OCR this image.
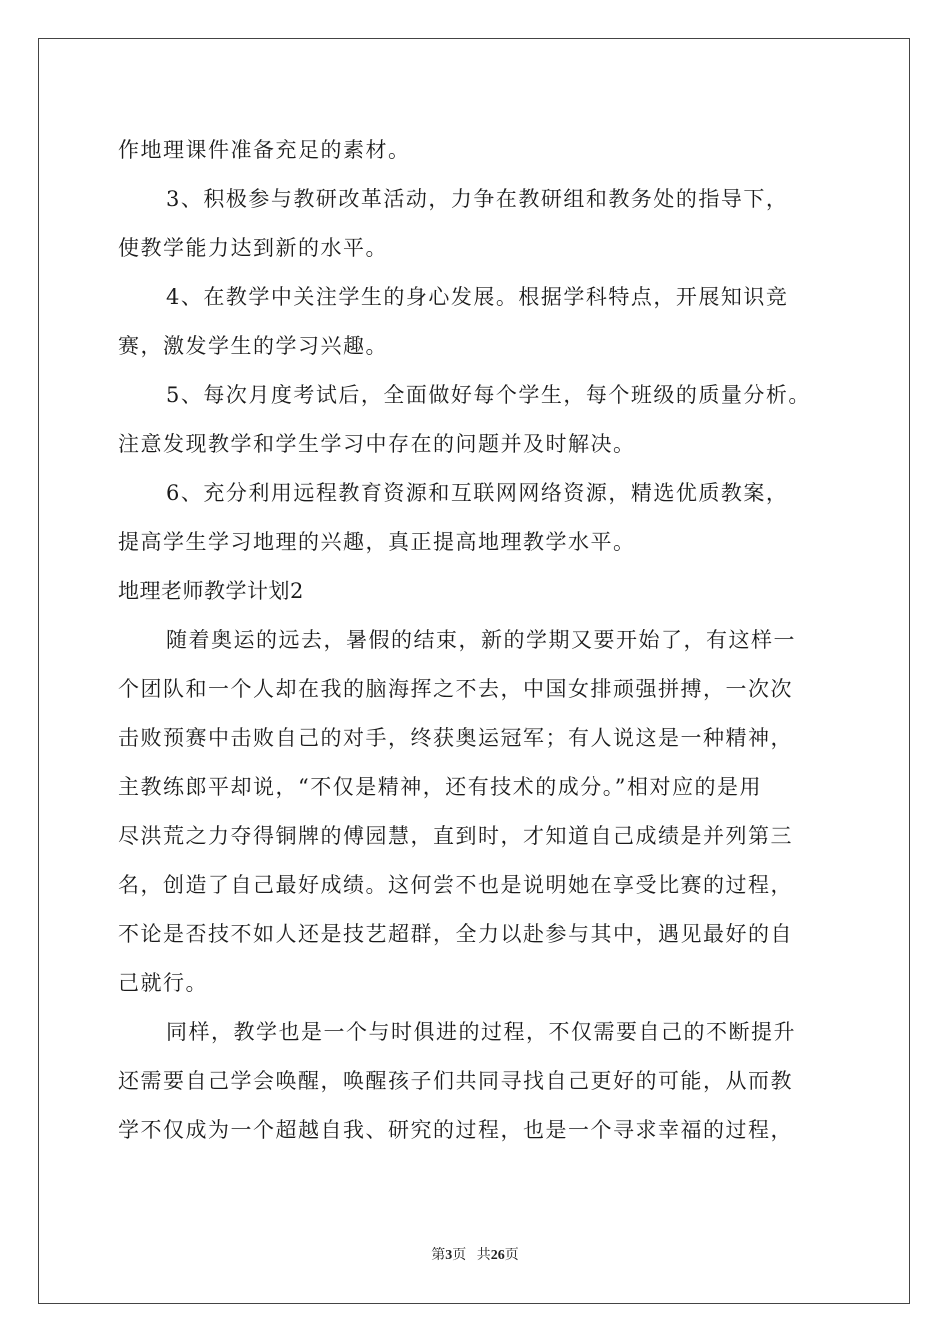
作地理课件准备充足的素材。
3、积极参与教研改革活动，力争在教研组和教务处的指导下，
使教学能力达到新的水平。
4、在教学中关注学生的身心发展。根据学科特点，开展知识竞
赛，激发学生的学习兴趣。
5、每次月度考试后，全面做好每个学生，每个班级的质量分析。
注意发现教学和学生学习中存在的问题并及时解决。
6、充分利用远程教育资源和互联网网络资源，精选优质教案，
提高学生学习地理的兴趣，真正提高地理教学水平。
地理老师教学计划2
随着奥运的远去，暑假的结束，新的学期又要开始了，有这样一
个团队和一个人却在我的脑海挥之不去，中国女排顽强拼搏，一次次
击败预赛中击败自己的对手，终获奥运冠军；有人说这是一种精神，
主教练郎平却说，“不仅是精神，还有技术的成分。”相对应的是用
尽洪荒之力夺得铜牌的傅园慧，直到时，才知道自己成绩是并列第三
名，创造了自己最好成绩。这何尝不也是说明她在享受比赛的过程，
不论是否技不如人还是技艺超群，全力以赴参与其中，遇见最好的自
己就行。
同样，教学也是一个与时俱进的过程，不仅需要自己的不断提升
还需要自己学会唤醒，唤醒孩子们共同寻找自己更好的可能，从而教
学不仅成为一个超越自我、研究的过程，也是一个寻求幸福的过程，
第3页 共26页
